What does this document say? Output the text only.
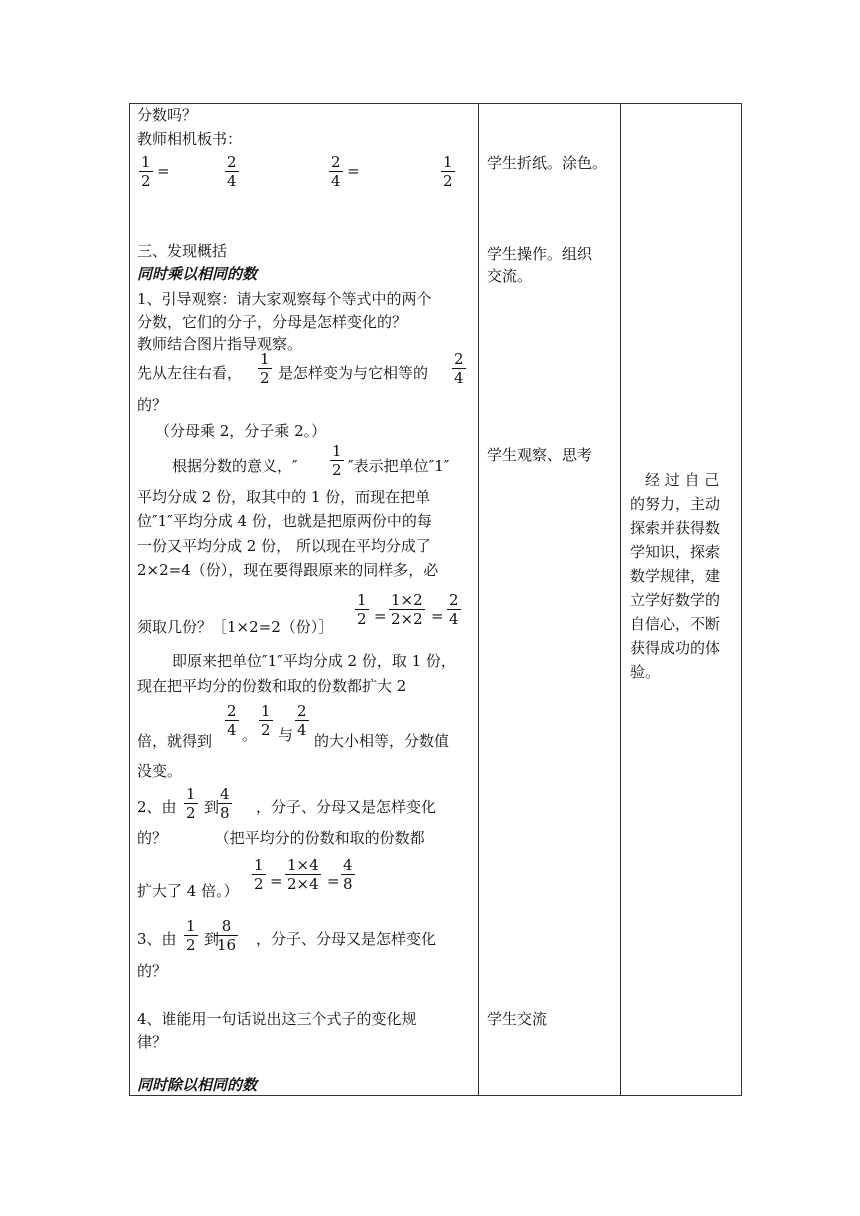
分数吗？
教师相机板书：
1
2
=	2
4
2
4
=	1
2
三、发现概括
同时乘以相同的数
1、引导观察：请大家观察每个等式中的两个
分数，它们的分子，分母是怎样变化的？
教师结合图片指导观察。
先从左往右看，
1
2 是怎样变为与它相等的
2
4
的？
（分母乘 2，分子乘 2。）
根据分数的意义，″
1
2 ″表示把单位″1″
平均分成 2 份，取其中的 1 份，而现在把单
位″1″平均分成 4 份，也就是把原两份中的每
一份又平均分成 2 份， 所以现在平均分成了
2×2=4（份），现在要得跟原来的同样多，必
须取几份？［1×2=2（份）］
1
2 =
1×2
2×2 =
2
4
即原来把单位″1″平均分成 2 份，取 1 份，
现在把平均分的份数和取的份数都扩大 2
倍，就得到
2
4 。
1
2 与
2
4
的大小相等，分数值
没变。
2、由
1
2 到
4
8 ，分子、分母又是怎样变化
的？          （把平均分的份数和取的份数都
扩大了 4 倍。）
1
2 =
1×4
2×4 =
4
8
3、由
1
2 到
8
16 ，分子、分母又是怎样变化
的？
4、谁能用一句话说出这三个式子的变化规
律？
同时除以相同的数
学生折纸。涂色。
学生操作。组织
交流。
学生观察、思考
学生交流
　经 过 自 己
的努力，主动
探索并获得数
学知识，探索
数学规律，建
立学好数学的
自信心，不断
获得成功的体
验。
